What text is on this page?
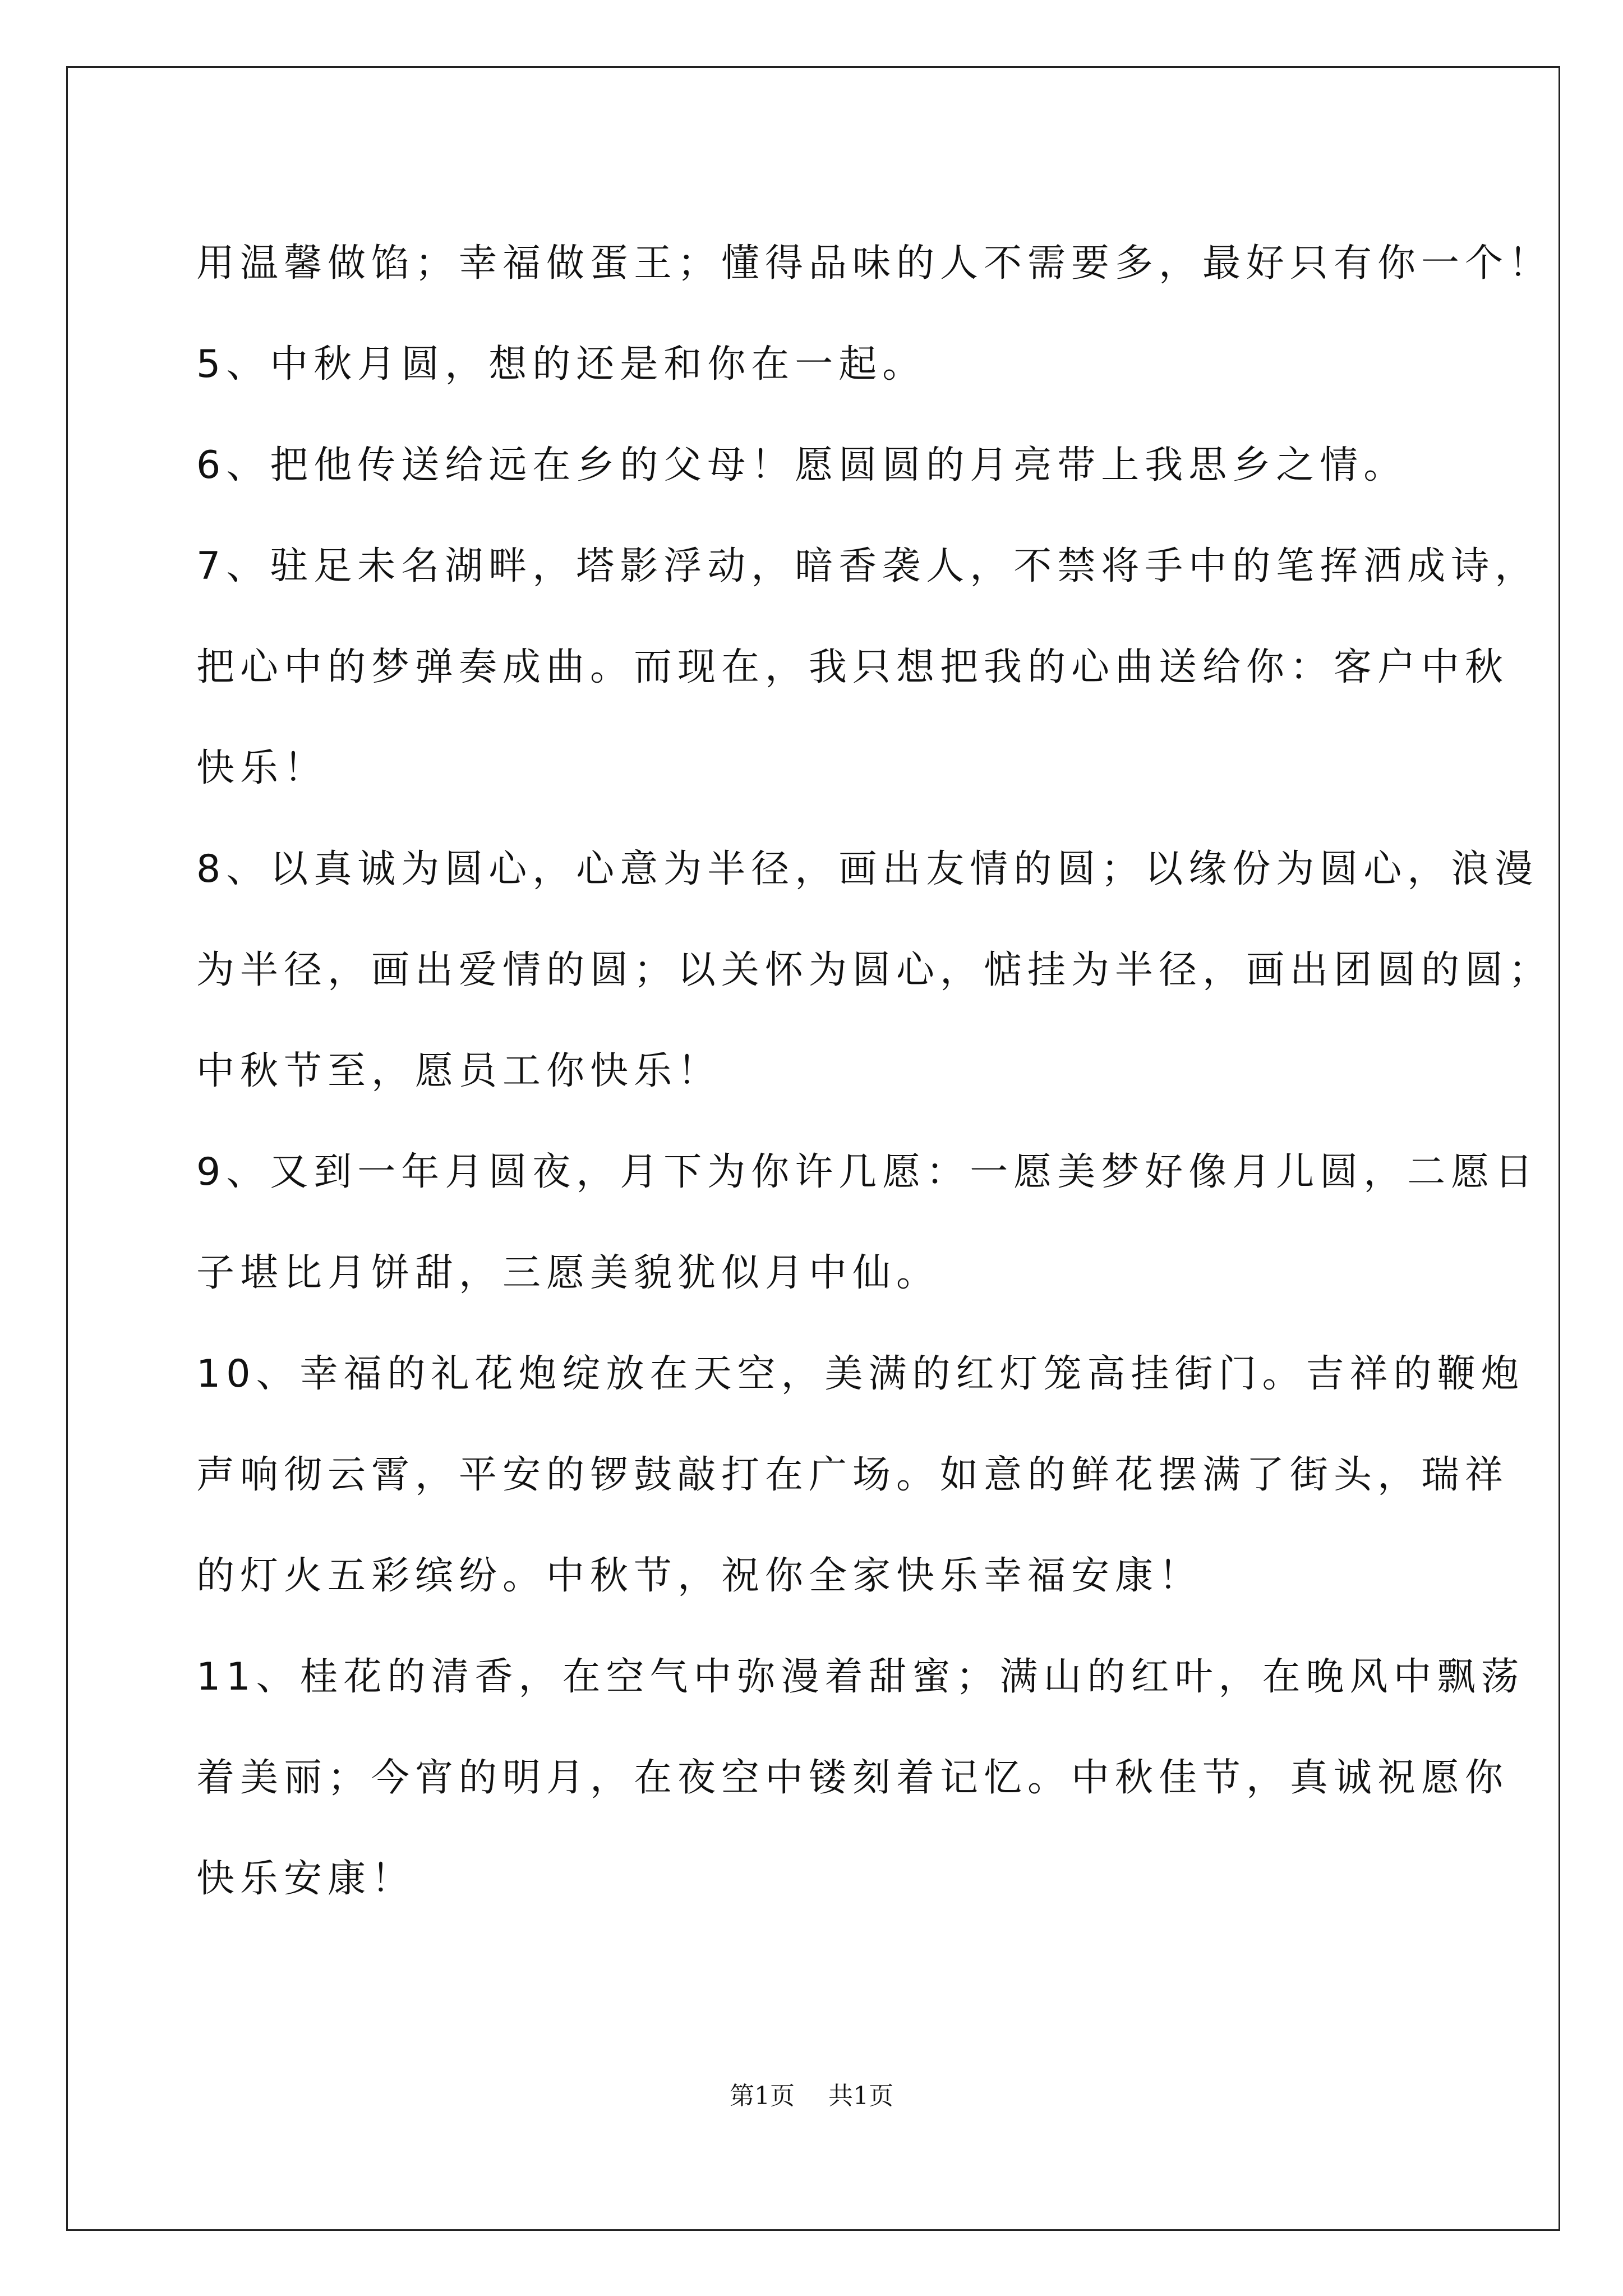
用温馨做馅；幸福做蛋王；懂得品味的人不需要多，最好只有你一个！
5、中秋月圆，想的还是和你在一起。
6、把他传送给远在乡的父母！愿圆圆的月亮带上我思乡之情。
7、驻足未名湖畔，塔影浮动，暗香袭人，不禁将手中的笔挥洒成诗，
把心中的梦弹奏成曲。而现在，我只想把我的心曲送给你：客户中秋
快乐！
8、以真诚为圆心，心意为半径，画出友情的圆；以缘份为圆心，浪漫
为半径，画出爱情的圆；以关怀为圆心，惦挂为半径，画出团圆的圆；
中秋节至，愿员工你快乐！
9、又到一年月圆夜，月下为你许几愿：一愿美梦好像月儿圆，二愿日
子堪比月饼甜，三愿美貌犹似月中仙。
10、幸福的礼花炮绽放在天空，美满的红灯笼高挂街门。吉祥的鞭炮
声响彻云霄，平安的锣鼓敲打在广场。如意的鲜花摆满了街头，瑞祥
的灯火五彩缤纷。中秋节，祝你全家快乐幸福安康！
11、桂花的清香，在空气中弥漫着甜蜜；满山的红叶，在晚风中飘荡
着美丽；今宵的明月，在夜空中镂刻着记忆。中秋佳节，真诚祝愿你
快乐安康！
第1页 共1页
